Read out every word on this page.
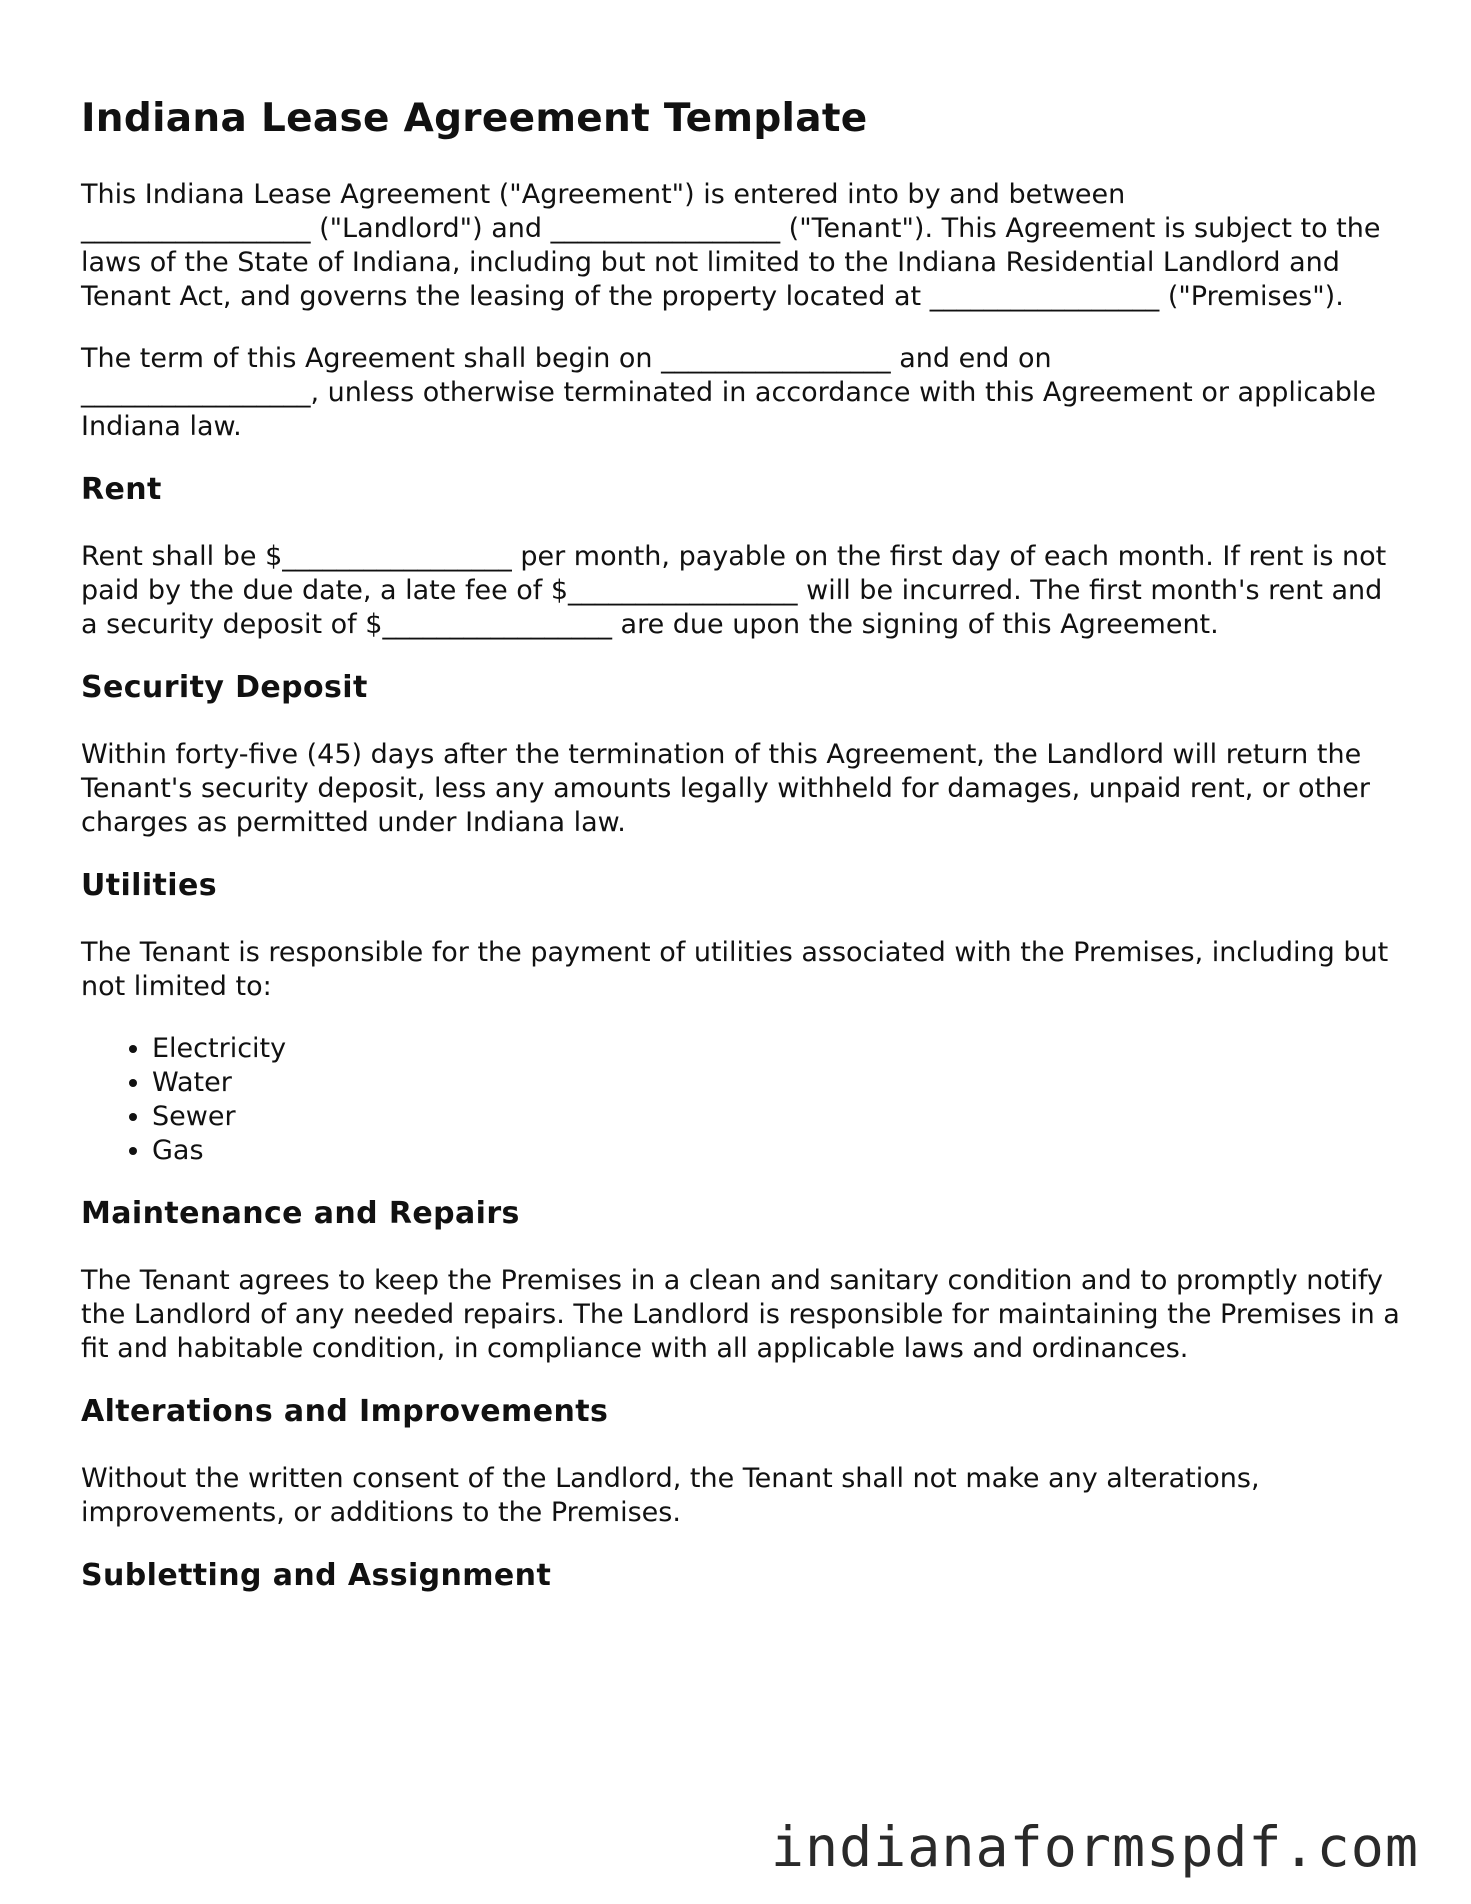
Indiana Lease Agreement Template

This Indiana Lease Agreement ("Agreement") is entered into by and between
_________________ ("Landlord") and _________________ ("Tenant"). This Agreement is subject to the laws of the State of Indiana, including but not limited to the Indiana Residential Landlord and Tenant Act, and governs the leasing of the property located at _________________ ("Premises").

The term of this Agreement shall begin on _________________ and end on
_________________, unless otherwise terminated in accordance with this Agreement or applicable Indiana law.

Rent

Rent shall be $_________________ per month, payable on the first day of each month. If rent is not paid by the due date, a late fee of $_________________ will be incurred. The first month's rent and a security deposit of $_________________ are due upon the signing of this Agreement.

Security Deposit

Within forty-five (45) days after the termination of this Agreement, the Landlord will return the Tenant's security deposit, less any amounts legally withheld for damages, unpaid rent, or other charges as permitted under Indiana law.

Utilities

The Tenant is responsible for the payment of utilities associated with the Premises, including but not limited to:

• Electricity
• Water
• Sewer
• Gas
Maintenance and Repairs

The Tenant agrees to keep the Premises in a clean and sanitary condition and to promptly notify the Landlord of any needed repairs. The Landlord is responsible for maintaining the Premises in a fit and habitable condition, in compliance with all applicable laws and ordinances.

Alterations and Improvements

Without the written consent of the Landlord, the Tenant shall not make any alterations, improvements, or additions to the Premises.

Subletting and Assignment
indianaformspdf.com
